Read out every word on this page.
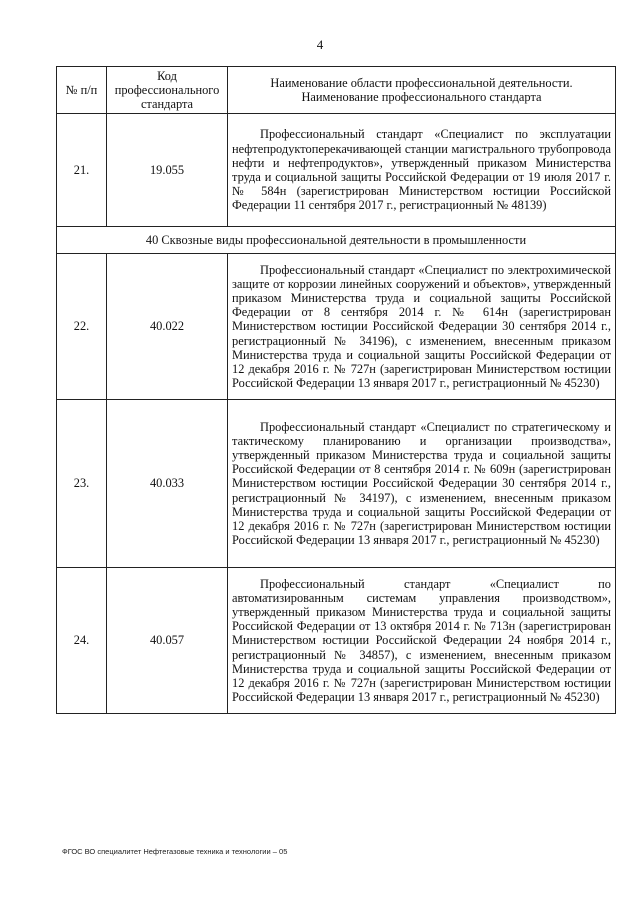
4
№ п/п	Код профессионального стандарта	Наименование области профессиональной деятельности. Наименование профессионального стандарта
21.	19.055	Профессиональный стандарт «Специалист по эксплуатации нефтепродуктоперекачивающей станции магистрального трубопровода нефти и нефтепродуктов», утвержденный приказом Министерства труда и социальной защиты Российской Федерации от 19 июля 2017 г. № 584н (зарегистрирован Министерством юстиции Российской Федерации 11 сентября 2017 г., регистрационный № 48139)
40 Сквозные виды профессиональной деятельности в промышленности		
22.	40.022	Профессиональный стандарт «Специалист по электрохимической защите от коррозии линейных сооружений и объектов», утвержденный приказом Министерства труда и социальной защиты Российской Федерации от 8 сентября 2014 г. № 614н (зарегистрирован Министерством юстиции Российской Федерации 30 сентября 2014 г., регистрационный № 34196), с изменением, внесенным приказом Министерства труда и социальной защиты Российской Федерации от 12 декабря 2016 г. № 727н (зарегистрирован Министерством юстиции Российской Федерации 13 января 2017 г., регистрационный № 45230)
23.	40.033	Профессиональный стандарт «Специалист по стратегическому и тактическому планированию и организации производства», утвержденный приказом Министерства труда и социальной защиты Российской Федерации от 8 сентября 2014 г. № 609н (зарегистрирован Министерством юстиции Российской Федерации 30 сентября 2014 г., регистрационный № 34197), с изменением, внесенным приказом Министерства труда и социальной защиты Российской Федерации от 12 декабря 2016 г. № 727н (зарегистрирован Министерством юстиции Российской Федерации 13 января 2017 г., регистрационный № 45230)
24.	40.057	Профессиональный стандарт «Специалист по автоматизированным системам управления производством», утвержденный приказом Министерства труда и социальной защиты Российской Федерации от 13 октября 2014 г. № 713н (зарегистрирован Министерством юстиции Российской Федерации 24 ноября 2014 г., регистрационный № 34857), с изменением, внесенным приказом Министерства труда и социальной защиты Российской Федерации от 12 декабря 2016 г. № 727н (зарегистрирован Министерством юстиции Российской Федерации 13 января 2017 г., регистрационный № 45230)
ФГОС ВО специалитет Нефтегазовые техника и технологии – 05
